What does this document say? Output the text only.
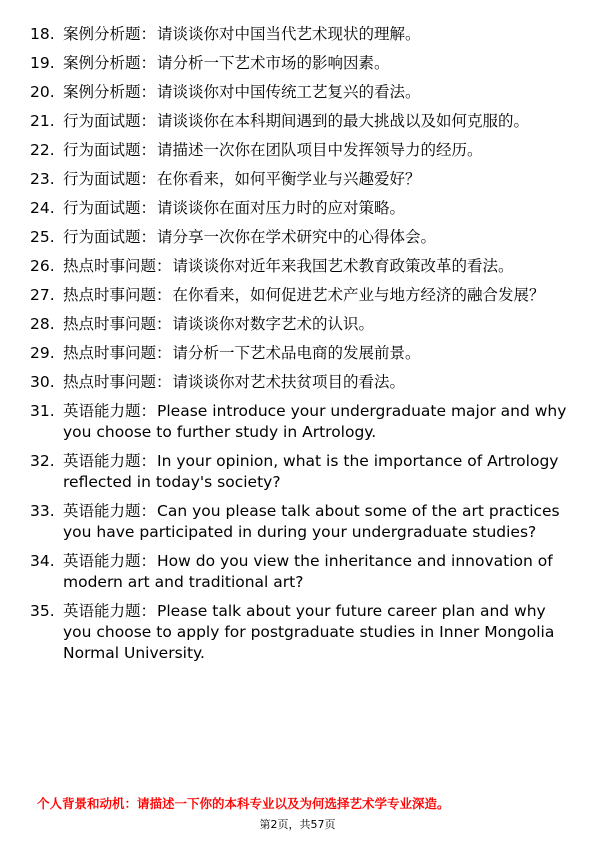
18. 案例分析题：请谈谈你对中国当代艺术现状的理解。
19. 案例分析题：请分析一下艺术市场的影响因素。
20. 案例分析题：请谈谈你对中国传统工艺复兴的看法。
21. 行为面试题：请谈谈你在本科期间遇到的最大挑战以及如何克服的。
22. 行为面试题：请描述一次你在团队项目中发挥领导力的经历。
23. 行为面试题：在你看来，如何平衡学业与兴趣爱好？
24. 行为面试题：请谈谈你在面对压力时的应对策略。
25. 行为面试题：请分享一次你在学术研究中的心得体会。
26. 热点时事问题：请谈谈你对近年来我国艺术教育政策改革的看法。
27. 热点时事问题：在你看来，如何促进艺术产业与地方经济的融合发展？
28. 热点时事问题：请谈谈你对数字艺术的认识。
29. 热点时事问题：请分析一下艺术品电商的发展前景。
30. 热点时事问题：请谈谈你对艺术扶贫项目的看法。
31. 英语能力题：Please introduce your undergraduate major and why you choose to further study in Artrology.
32. 英语能力题：In your opinion, what is the importance of Artrology reflected in today's society?
33. 英语能力题：Can you please talk about some of the art practices you have participated in during your undergraduate studies?
34. 英语能力题：How do you view the inheritance and innovation of modern art and traditional art?
35. 英语能力题：Please talk about your future career plan and why you choose to apply for postgraduate studies in Inner Mongolia Normal University.
个人背景和动机：请描述一下你的本科专业以及为何选择艺术学专业深造。
第2页，共57页
